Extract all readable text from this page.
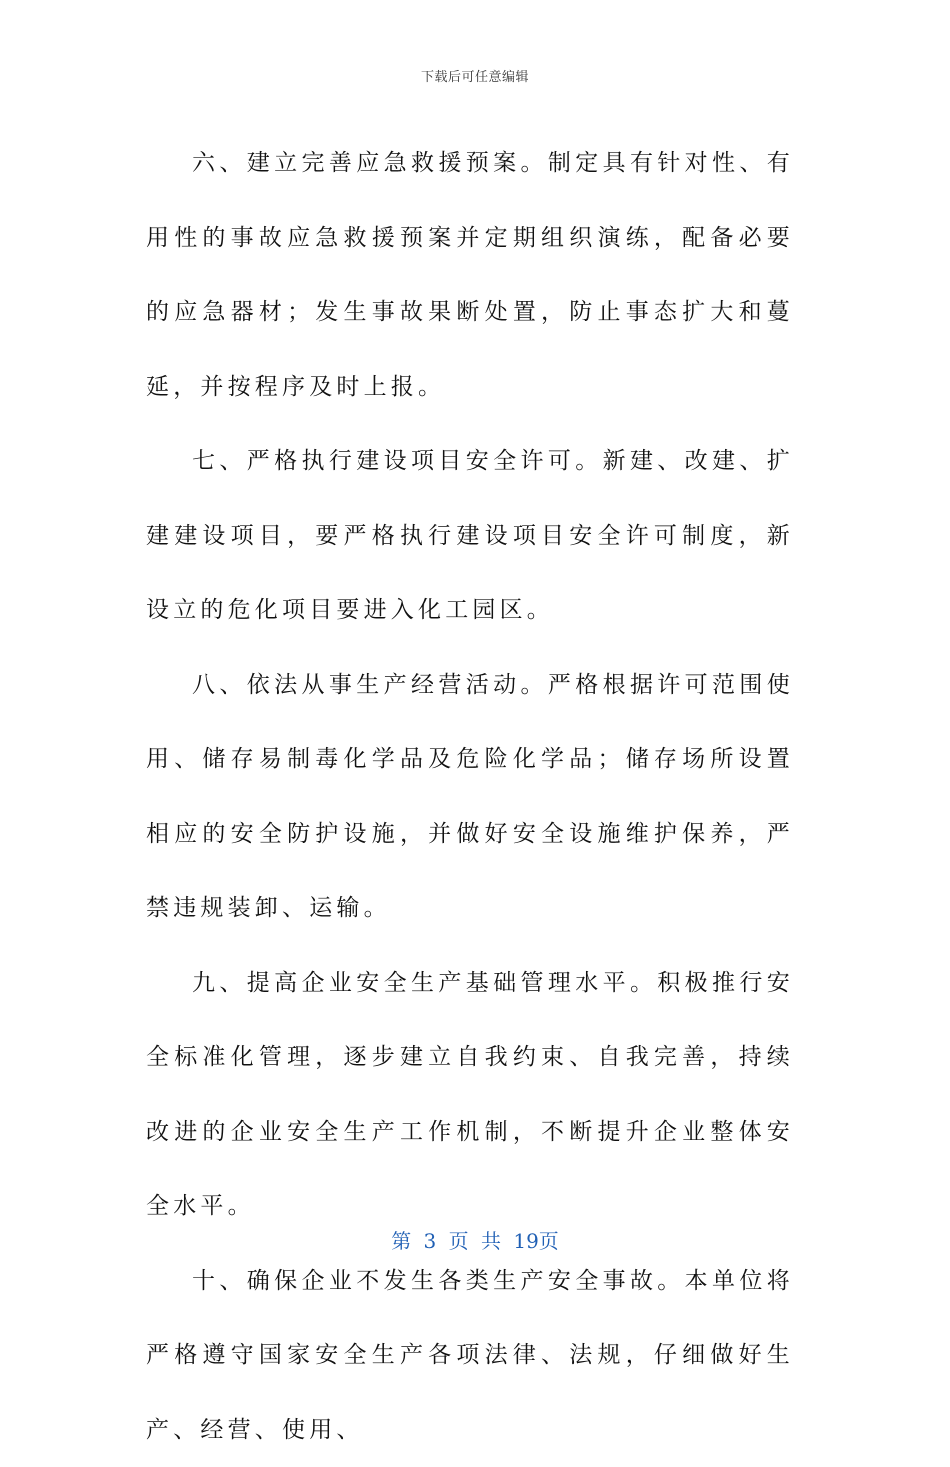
下载后可任意编辑

六、建立完善应急救援预案。制定具有针对性、有用性的事故应急救援预案并定期组织演练，配备必要的应急器材；发生事故果断处置，防止事态扩大和蔓延，并按程序及时上报。

七、严格执行建设项目安全许可。新建、改建、扩建建设项目，要严格执行建设项目安全许可制度，新设立的危化项目要进入化工园区。

八、依法从事生产经营活动。严格根据许可范围使用、储存易制毒化学品及危险化学品；储存场所设置相应的安全防护设施，并做好安全设施维护保养，严禁违规装卸、运输。

九、提高企业安全生产基础管理水平。积极推行安全标准化管理，逐步建立自我约束、自我完善，持续改进的企业安全生产工作机制，不断提升企业整体安全水平。

十、确保企业不发生各类生产安全事故。本单位将严格遵守国家安全生产各项法律、法规，仔细做好生产、经营、使用、

第 3 页 共 19页
